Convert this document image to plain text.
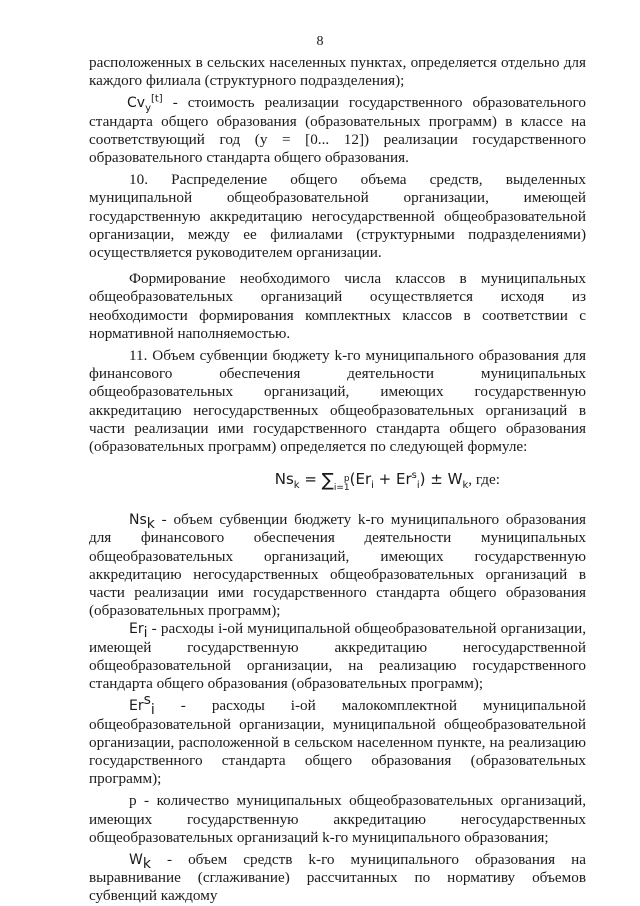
8

расположенных в сельских населенных пунктах, определяется отдельно для каждого филиала (структурного подразделения);

$Cv_y[t]$ - стоимость реализации государственного образовательного

стандарта общего образования (образовательных программ) в классе на соответствующий год (y = [0... 12]) реализации государственного образовательного стандарта общего образования.

10. Распределение общего объема средств, выделенных муниципальной общеобразовательной организации, имеющей государственную аккредитацию негосударственной общеобразовательной организации, между ее филиалами (структурными подразделениями) осуществляется руководителем организации.

Формирование необходимого числа классов в муниципальных общеобразовательных организаций осуществляется исходя из необходимости формирования комплектных классов в соответствии с нормативной наполняемостью.

11. Объем субвенции бюджету k-го муниципального образования для финансового обеспечения деятельности муниципальных общеобразовательных организаций, имеющих государственную аккредитацию негосударственных общеобразовательных организаций в части реализации ими государственного стандарта общего образования (образовательных программ) определяется по следующей формуле:

$Ns_k$ = ∑	p
i=1 $(Er_i + Er^s_i) \pm W_k$, где:

$Ns_k$ - объем субвенции бюджету k-го муниципального образования для финансового обеспечения деятельности муниципальных общеобразовательных организаций, имеющих государственную аккредитацию негосударственных общеобразовательных организаций в части реализации ими государственного стандарта общего образования (образовательных программ);

$Er_i$ - расходы i-ой муниципальной общеобразовательной организации, имеющей государственную аккредитацию негосударственной общеобразовательной организации, на реализацию государственного стандарта общего образования (образовательных программ);

$Er^s_i$ - расходы i-ой малокомплектной муниципальной общеобразовательной организации, муниципальной общеобразовательной организации, расположенной в сельском населенном пункте, на реализацию государственного стандарта общего образования (образовательных программ);

p - количество муниципальных общеобразовательных организаций, имеющих государственную аккредитацию негосударственных общеобразовательных организаций k-го муниципального образования;

$W_k$ - объем средств k-го муниципального образования на выравнивание (сглаживание) рассчитанных по нормативу объемов субвенций каждому
